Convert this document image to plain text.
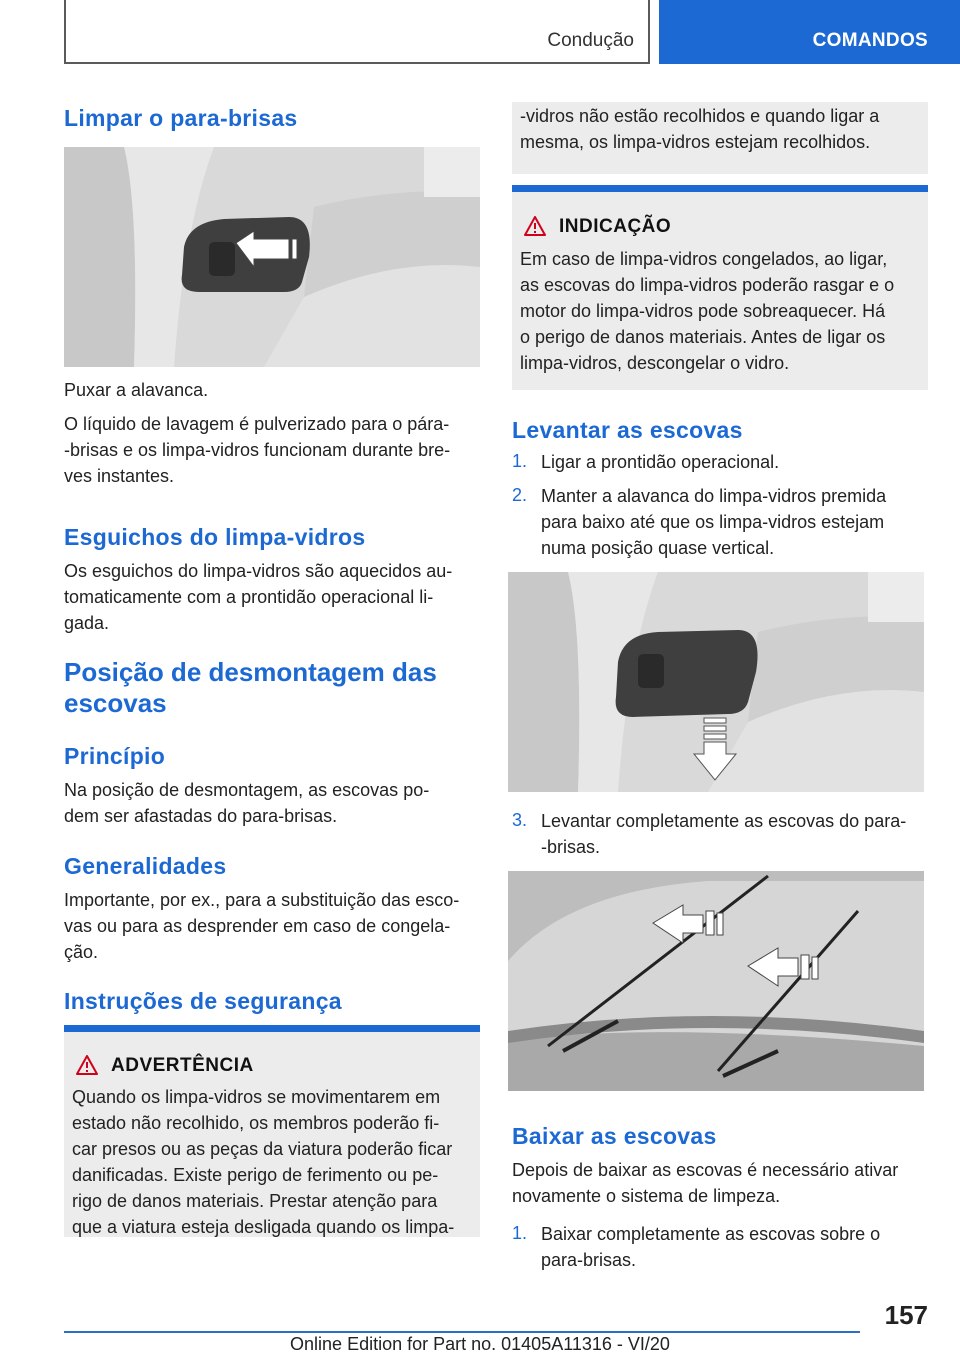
Condução	COMANDOS
Limpar o para-brisas

Puxar a alavanca.

O líquido de lavagem é pulverizado para o pára-
-brisas e os limpa-vidros funcionam durante bre-
ves instantes.

Esguichos do limpa-vidros

Os esguichos do limpa-vidros são aquecidos au-
tomaticamente com a prontidão operacional li-
gada.

Posição de desmontagem das
escovas
Princípio

Na posição de desmontagem, as escovas po-
dem ser afastadas do para-brisas.

Generalidades

Importante, por ex., para a substituição das esco-
vas ou para as desprender em caso de congela-
ção.

Instruções de segurança
ADVERTÊNCIA

Quando os limpa-vidros se movimentarem em
estado não recolhido, os membros poderão fi-
car presos ou as peças da viatura poderão ficar
danificadas. Existe perigo de ferimento ou pe-
rigo de danos materiais. Prestar atenção para
que a viatura esteja desligada quando os limpa-

-vidros não estão recolhidos e quando ligar a
mesma, os limpa-vidros estejam recolhidos.

INDICAÇÃO

Em caso de limpa-vidros congelados, ao ligar,
as escovas do limpa-vidros poderão rasgar e o
motor do limpa-vidros pode sobreaquecer. Há
o perigo de danos materiais. Antes de ligar os
limpa-vidros, descongelar o vidro.

Levantar as escovas
1. Ligar a prontidão operacional.
2. Manter a alavanca do limpa-vidros premida
para baixo até que os limpa-vidros estejam
numa posição quase vertical.
3. Levantar completamente as escovas do para-
-brisas.
Baixar as escovas

Depois de baixar as escovas é necessário ativar
novamente o sistema de limpeza.

1. Baixar completamente as escovas sobre o
para-brisas.
157
Online Edition for Part no. 01405A11316 - VI/20
